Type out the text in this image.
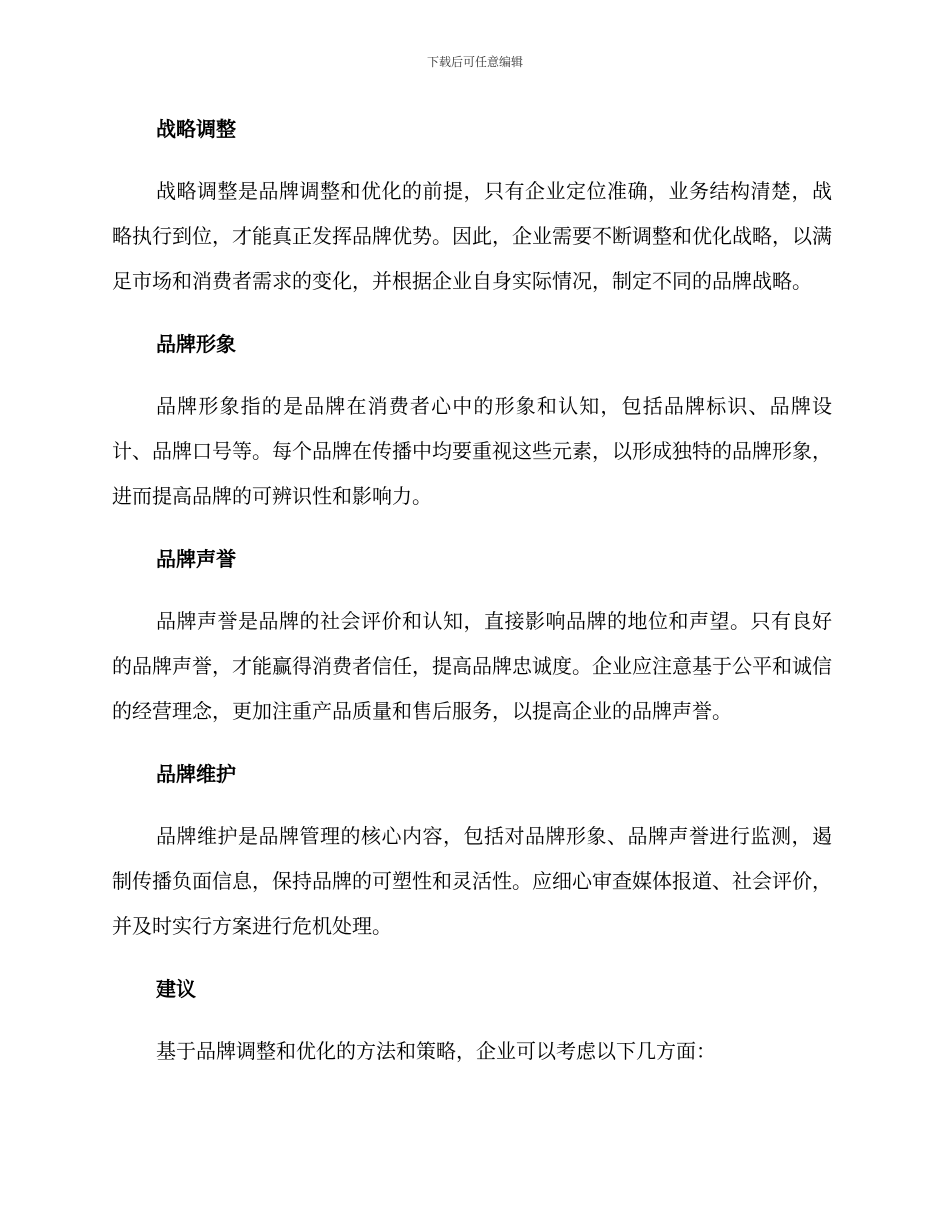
下载后可任意编辑
战略调整

战略调整是品牌调整和优化的前提，只有企业定位准确，业务结构清楚，战略执行到位，才能真正发挥品牌优势。因此，企业需要不断调整和优化战略，以满足市场和消费者需求的变化，并根据企业自身实际情况，制定不同的品牌战略。

品牌形象

品牌形象指的是品牌在消费者心中的形象和认知，包括品牌标识、品牌设计、品牌口号等。每个品牌在传播中均要重视这些元素，以形成独特的品牌形象，进而提高品牌的可辨识性和影响力。

品牌声誉

品牌声誉是品牌的社会评价和认知，直接影响品牌的地位和声望。只有良好的品牌声誉，才能赢得消费者信任，提高品牌忠诚度。企业应注意基于公平和诚信的经营理念，更加注重产品质量和售后服务，以提高企业的品牌声誉。

品牌维护

品牌维护是品牌管理的核心内容，包括对品牌形象、品牌声誉进行监测，遏制传播负面信息，保持品牌的可塑性和灵活性。应细心审查媒体报道、社会评价，并及时实行方案进行危机处理。

建议

基于品牌调整和优化的方法和策略，企业可以考虑以下几方面：
